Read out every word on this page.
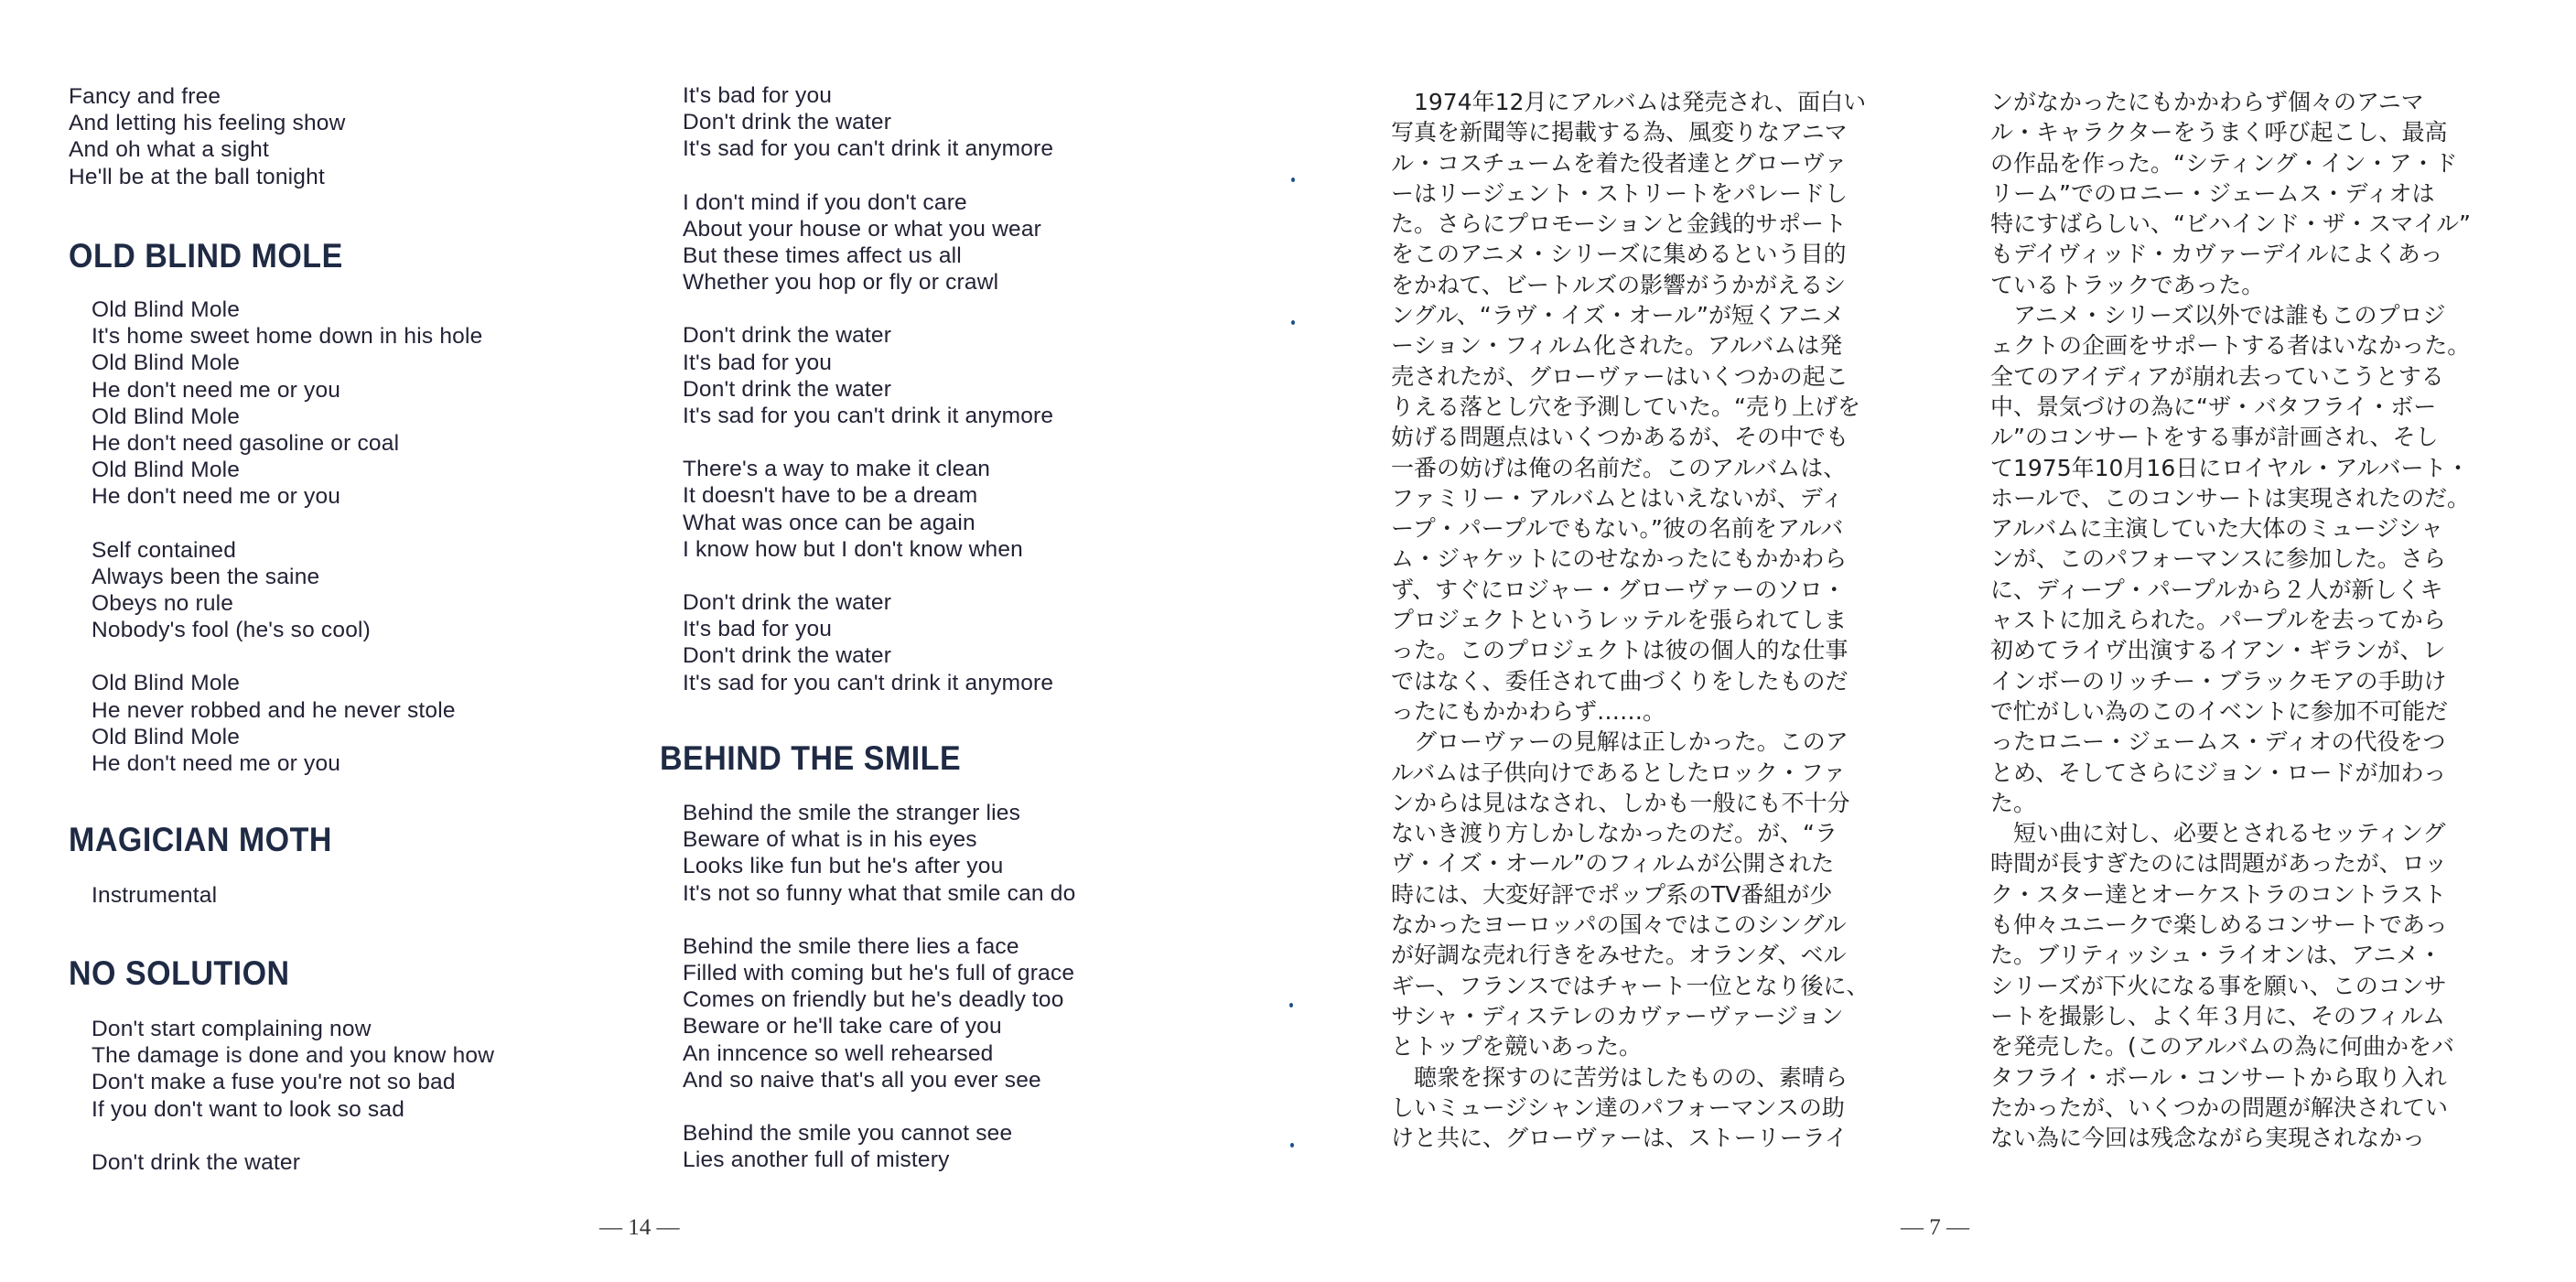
Fancy and free
And letting his feeling show
And oh what a sight
He'll be at the ball tonight
OLD BLIND MOLE
Old Blind Mole
It's home sweet home down in his hole
Old Blind Mole
He don't need me or you
Old Blind Mole
He don't need gasoline or coal
Old Blind Mole
He don't need me or you
Self contained
Always been the saine
Obeys no rule
Nobody's fool (he's so cool)
Old Blind Mole
He never robbed and he never stole
Old Blind Mole
He don't need me or you
MAGICIAN MOTH
Instrumental
NO SOLUTION
Don't start complaining now
The damage is done and you know how
Don't make a fuse you're not so bad
If you don't want to look so sad
Don't drink the water
It's bad for you
Don't drink the water
It's sad for you can't drink it anymore
I don't mind if you don't care
About your house or what you wear
But these times affect us all
Whether you hop or fly or crawl
Don't drink the water
It's bad for you
Don't drink the water
It's sad for you can't drink it anymore
There's a way to make it clean
It doesn't have to be a dream
What was once can be again
I know how but I don't know when
Don't drink the water
It's bad for you
Don't drink the water
It's sad for you can't drink it anymore
BEHIND THE SMILE
Behind the smile the stranger lies
Beware of what is in his eyes
Looks like fun but he's after you
It's not so funny what that smile can do
Behind the smile there lies a face
Filled with coming but he's full of grace
Comes on friendly but he's deadly too
Beware or he'll take care of you
An inncence so well rehearsed
And so naive that's all you ever see
Behind the smile you cannot see
Lies another full of mistery
— 14 —
　1974年12月にアルバムは発売され、面白い
写真を新聞等に掲載する為、風変りなアニマ
ル・コスチュームを着た役者達とグローヴァ
ーはリージェント・ストリートをパレードし
た。さらにプロモーションと金銭的サポート
をこのアニメ・シリーズに集めるという目的
をかねて、ビートルズの影響がうかがえるシ
ングル、“ラヴ・イズ・オール”が短くアニメ
ーション・フィルム化された。アルバムは発
売されたが、グローヴァーはいくつかの起こ
りえる落とし穴を予測していた。“売り上げを
妨げる問題点はいくつかあるが、その中でも
一番の妨げは俺の名前だ。このアルバムは、
ファミリー・アルバムとはいえないが、ディ
ープ・パープルでもない。”彼の名前をアルバ
ム・ジャケットにのせなかったにもかかわら
ず、すぐにロジャー・グローヴァーのソロ・
プロジェクトというレッテルを張られてしま
った。このプロジェクトは彼の個人的な仕事
ではなく、委任されて曲づくりをしたものだ
ったにもかかわらず……。
　グローヴァーの見解は正しかった。このア
ルバムは子供向けであるとしたロック・ファ
ンからは見はなされ、しかも一般にも不十分
ないき渡り方しかしなかったのだ。が、“ラ
ヴ・イズ・オール”のフィルムが公開された
時には、大変好評でポップ系のTV番組が少
なかったヨーロッパの国々ではこのシングル
が好調な売れ行きをみせた。オランダ、ベル
ギー、フランスではチャート一位となり後に、
サシャ・ディステレのカヴァーヴァージョン
とトップを競いあった。
　聴衆を探すのに苦労はしたものの、素晴ら
しいミュージシャン達のパフォーマンスの助
けと共に、グローヴァーは、ストーリーライ
ンがなかったにもかかわらず個々のアニマ
ル・キャラクターをうまく呼び起こし、最高
の作品を作った。“シティング・イン・ア・ド
リーム”でのロニー・ジェームス・ディオは
特にすばらしい、“ビハインド・ザ・スマイル”
もデイヴィッド・カヴァーデイルによくあっ
ているトラックであった。
　アニメ・シリーズ以外では誰もこのプロジ
ェクトの企画をサポートする者はいなかった。
全てのアイディアが崩れ去っていこうとする
中、景気づけの為に“ザ・バタフライ・ボー
ル”のコンサートをする事が計画され、そし
て1975年10月16日にロイヤル・アルバート・
ホールで、このコンサートは実現されたのだ。
アルバムに主演していた大体のミュージシャ
ンが、このパフォーマンスに参加した。さら
に、ディープ・パープルから２人が新しくキ
ャストに加えられた。パープルを去ってから
初めてライヴ出演するイアン・ギランが、レ
インボーのリッチー・ブラックモアの手助け
で忙がしい為のこのイベントに参加不可能だ
ったロニー・ジェームス・ディオの代役をつ
とめ、そしてさらにジョン・ロードが加わっ
た。
　短い曲に対し、必要とされるセッティング
時間が長すぎたのには問題があったが、ロッ
ク・スター達とオーケストラのコントラスト
も仲々ユニークで楽しめるコンサートであっ
た。ブリティッシュ・ライオンは、アニメ・
シリーズが下火になる事を願い、このコンサ
ートを撮影し、よく年３月に、そのフィルム
を発売した。(このアルバムの為に何曲かをバ
タフライ・ボール・コンサートから取り入れ
たかったが、いくつかの問題が解決されてい
ない為に今回は残念ながら実現されなかっ
— 7 —
